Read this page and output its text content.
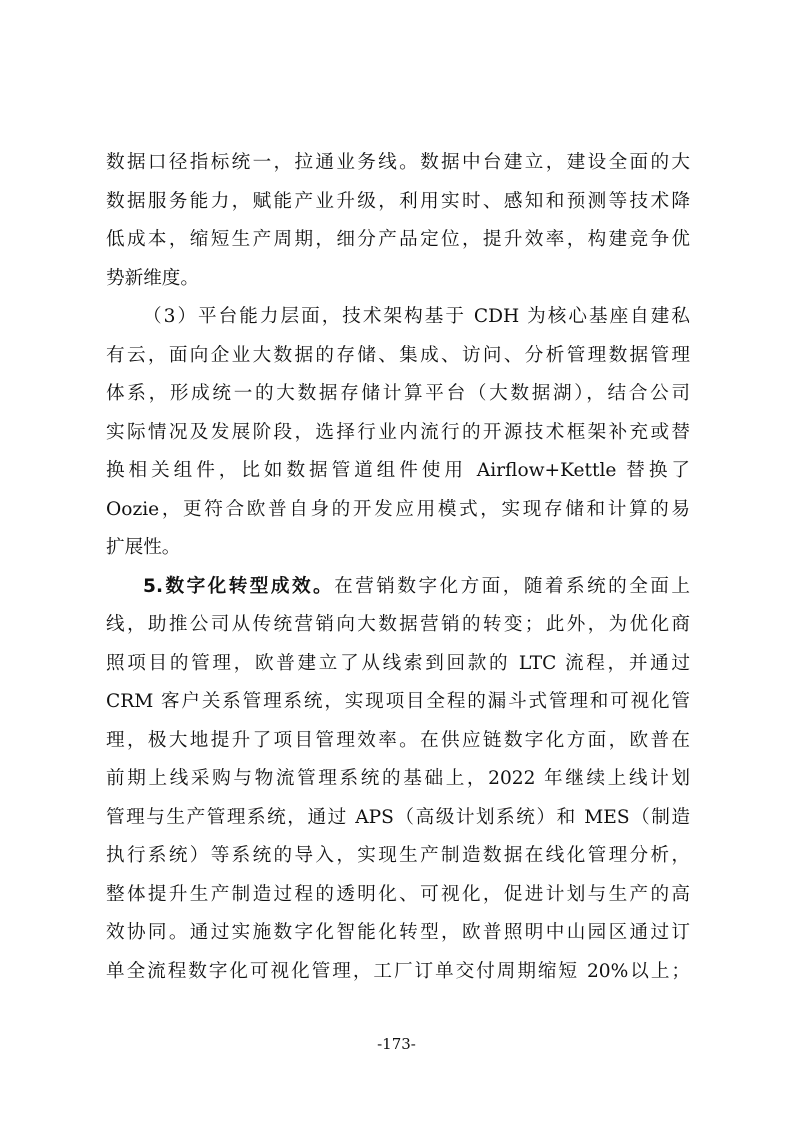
数据口径指标统一，拉通业务线。数据中台建立，建设全面的大
数据服务能力，赋能产业升级，利用实时、感知和预测等技术降
低成本，缩短生产周期，细分产品定位，提升效率，构建竞争优
势新维度。
（3）平台能力层面，技术架构基于 CDH 为核心基座自建私
有云，面向企业大数据的存储、集成、访问、分析管理数据管理
体系，形成统一的大数据存储计算平台（大数据湖），结合公司
实际情况及发展阶段，选择行业内流行的开源技术框架补充或替
换相关组件，比如数据管道组件使用 Airflow+Kettle 替换了
Oozie，更符合欧普自身的开发应用模式，实现存储和计算的易
扩展性。
5.数字化转型成效。在营销数字化方面，随着系统的全面上
线，助推公司从传统营销向大数据营销的转变；此外，为优化商
照项目的管理，欧普建立了从线索到回款的 LTC 流程，并通过
CRM 客户关系管理系统，实现项目全程的漏斗式管理和可视化管
理，极大地提升了项目管理效率。在供应链数字化方面，欧普在
前期上线采购与物流管理系统的基础上，2022 年继续上线计划
管理与生产管理系统，通过 APS（高级计划系统）和 MES（制造
执行系统）等系统的导入，实现生产制造数据在线化管理分析，
整体提升生产制造过程的透明化、可视化，促进计划与生产的高
效协同。通过实施数字化智能化转型，欧普照明中山园区通过订
单全流程数字化可视化管理，工厂订单交付周期缩短 20%以上；
-173-
